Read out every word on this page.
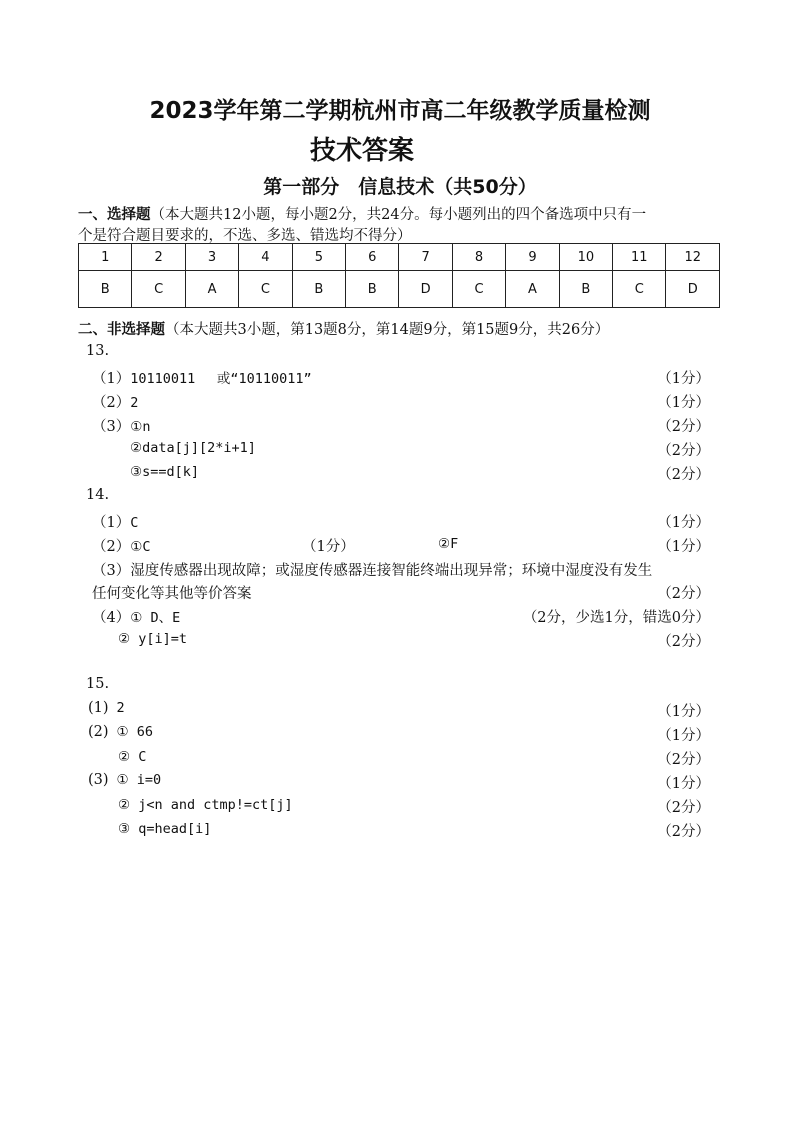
2023学年第二学期杭州市高二年级教学质量检测
技术答案
第一部分　信息技术（共50分）
一、选择题（本大题共12小题，每小题2分，共24分。每小题列出的四个备选项中只有一
个是符合题目要求的，不选、多选、错选均不得分）
1	2	3	4	5	6	7	8	9	10	11	12
B	C	A	C	B	B	D	C	A	B	C	D
二、非选择题（本大题共3小题，第13题8分，第14题9分，第15题9分，共26分）
13.
（1）10110011　 或“10110011”	（1分）
（2）2	（1分）
（3）①n	（2分）
②data[j][2*i+1]	（2分）
③s==d[k]	（2分）
14.
（1）C	（1分）
（2）①C	（1分）	②F	（1分）
（3）湿度传感器出现故障；或湿度传感器连接智能终端出现异常；环境中湿度没有发生
任何变化等其他等价答案	（2分）
（4）① D、E	（2分，少选1分，错选0分）
② y[i]=t	（2分）
15.
(1) 2	（1分）
(2) ① 66	（1分）
② C	（2分）
(3) ① i=0	（1分）
② j<n and ctmp!=ct[j]	（2分）
③ q=head[i]	（2分）
